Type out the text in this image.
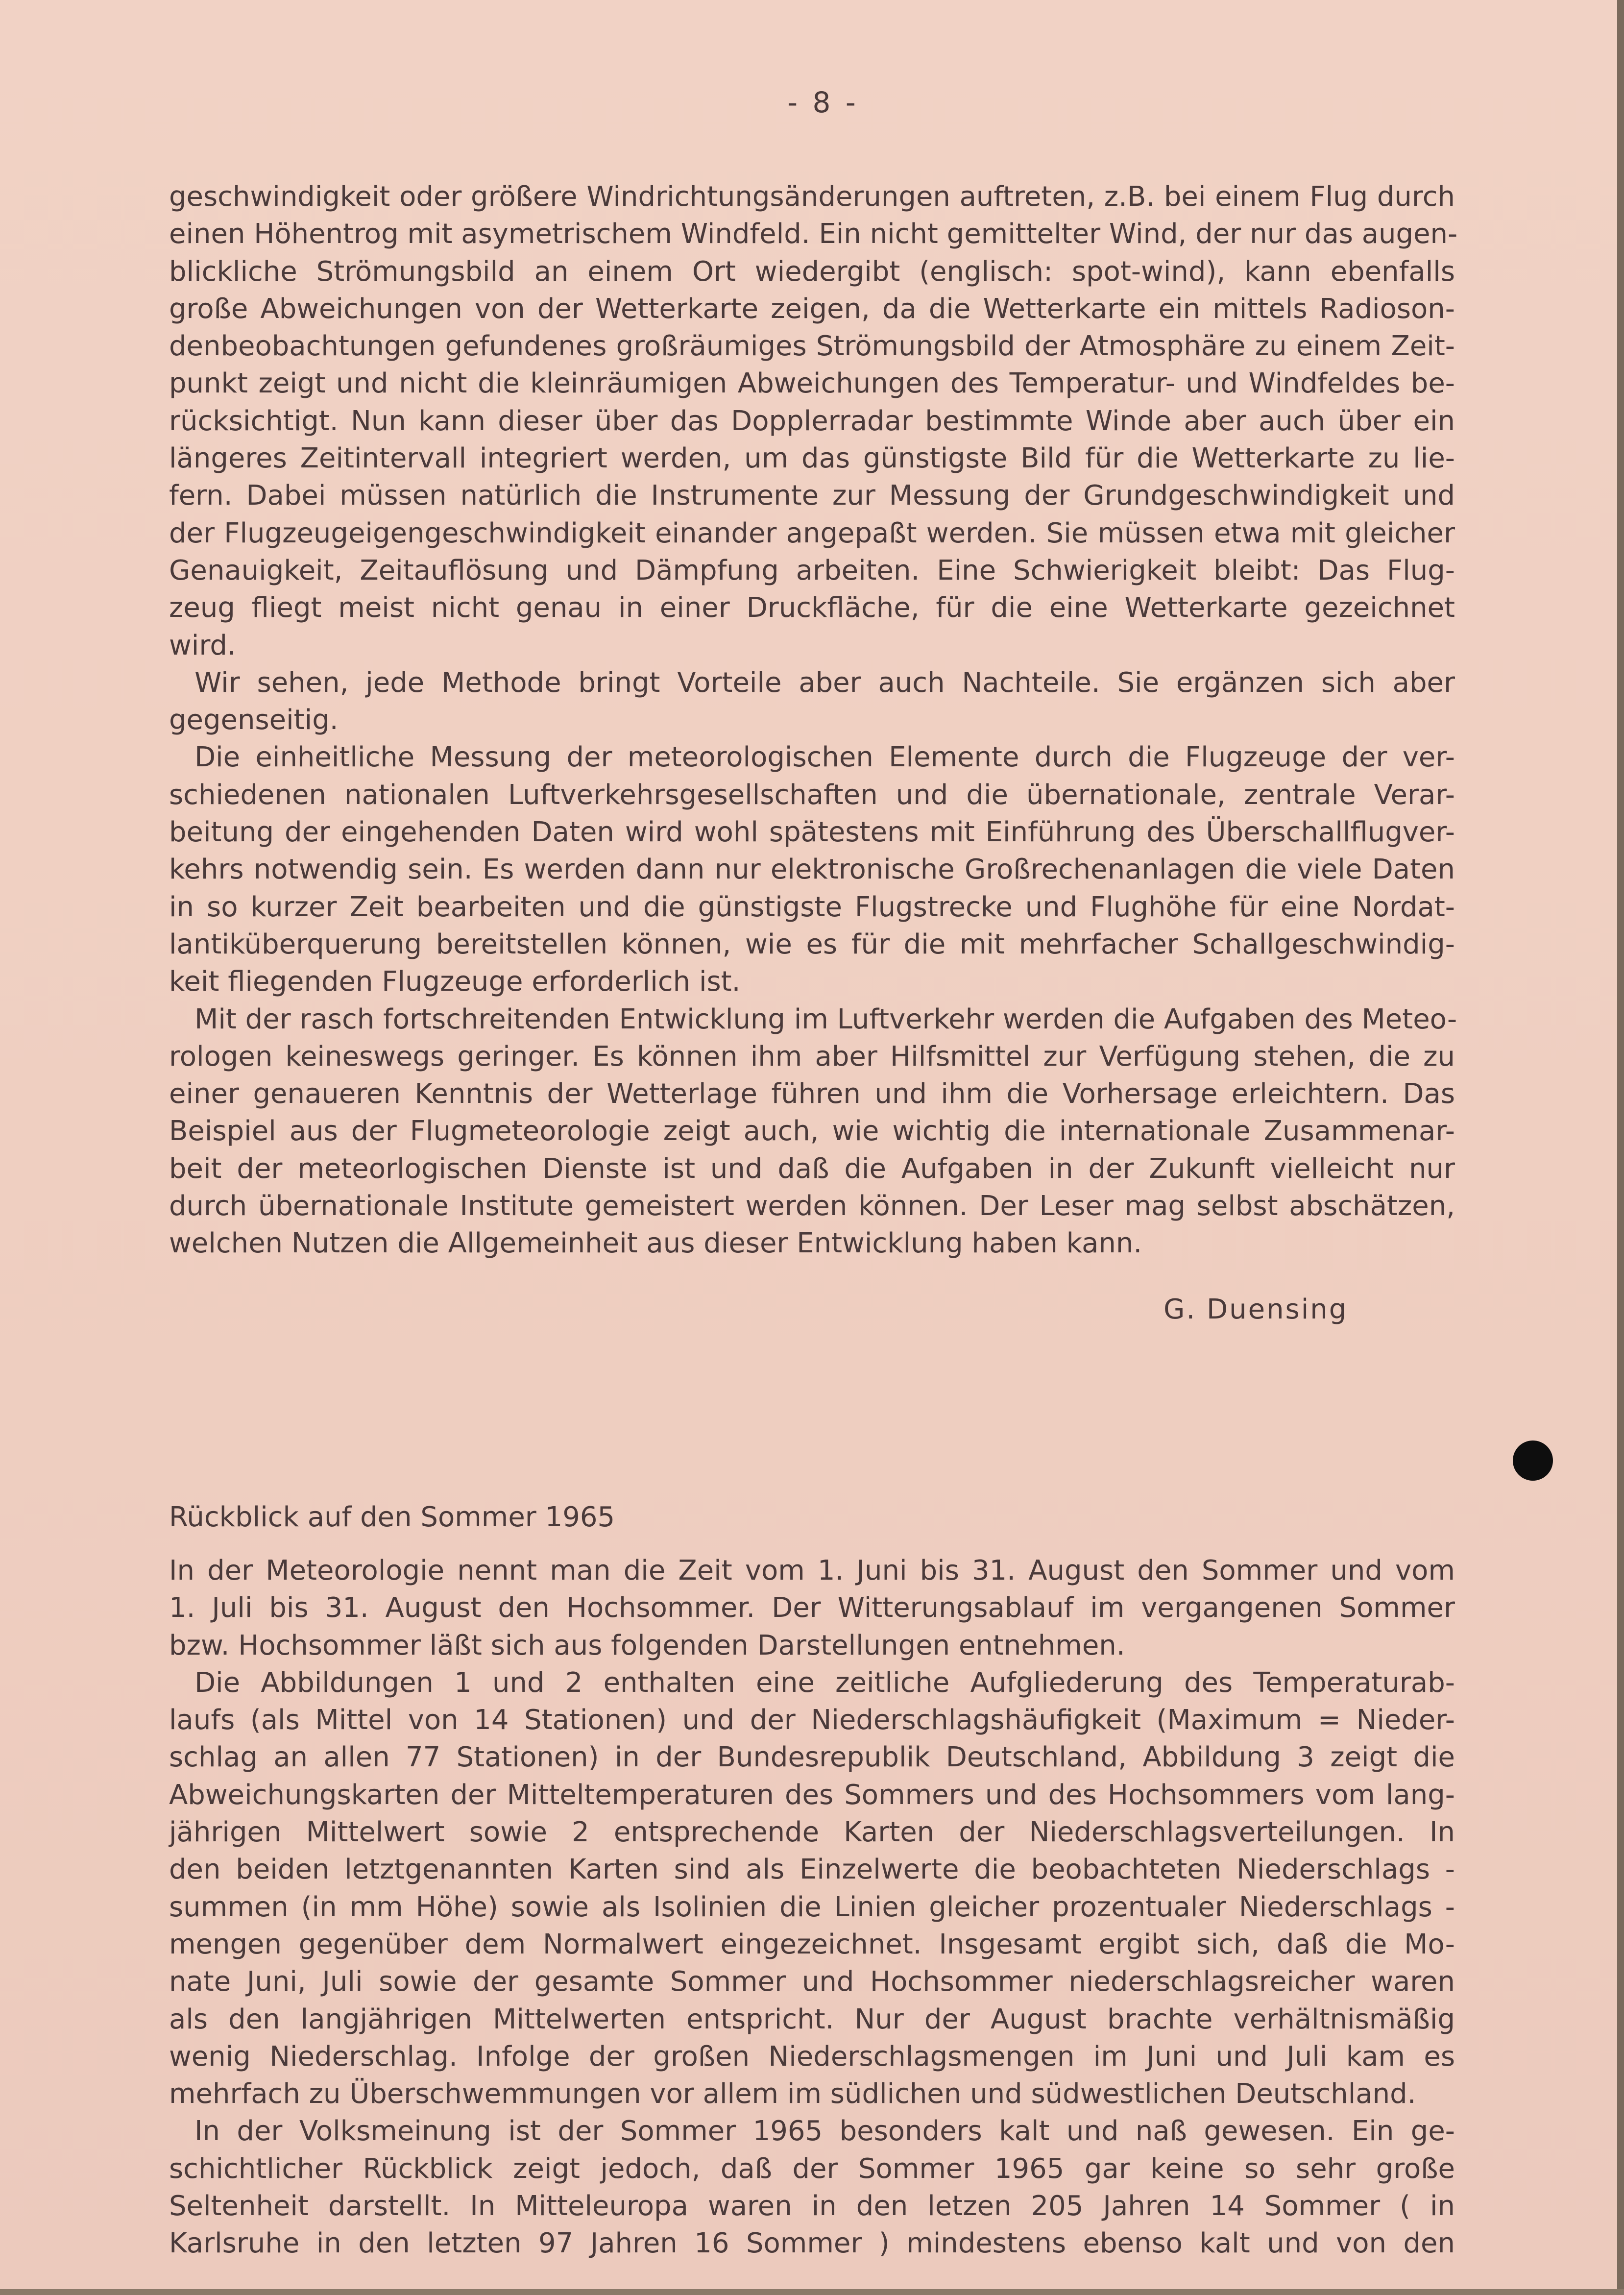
- 8 -
geschwindigkeit oder größere Windrichtungsänderungen auftreten, z.B. bei einem Flug durch
einen Höhentrog mit asymetrischem Windfeld. Ein nicht gemittelter Wind, der nur das augen-
blickliche Strömungsbild an einem Ort wiedergibt (englisch: spot-wind), kann ebenfalls
große Abweichungen von der Wetterkarte zeigen, da die Wetterkarte ein mittels Radioson-
denbeobachtungen gefundenes großräumiges Strömungsbild der Atmosphäre zu einem Zeit-
punkt zeigt und nicht die kleinräumigen Abweichungen des Temperatur- und Windfeldes be-
rücksichtigt. Nun kann dieser über das Dopplerradar bestimmte Winde aber auch über ein
längeres Zeitintervall integriert werden, um das günstigste Bild für die Wetterkarte zu lie-
fern. Dabei müssen natürlich die Instrumente zur Messung der Grundgeschwindigkeit und
der Flugzeugeigengeschwindigkeit einander angepaßt werden. Sie müssen etwa mit gleicher
Genauigkeit, Zeitauflösung und Dämpfung arbeiten. Eine Schwierigkeit bleibt: Das Flug-
zeug fliegt meist nicht genau in einer Druckfläche, für die eine Wetterkarte gezeichnet
wird.
Wir sehen, jede Methode bringt Vorteile aber auch Nachteile. Sie ergänzen sich aber
gegenseitig.
Die einheitliche Messung der meteorologischen Elemente durch die Flugzeuge der ver-
schiedenen nationalen Luftverkehrsgesellschaften und die übernationale, zentrale Verar-
beitung der eingehenden Daten wird wohl spätestens mit Einführung des Überschallflugver-
kehrs notwendig sein. Es werden dann nur elektronische Großrechenanlagen die viele Daten
in so kurzer Zeit bearbeiten und die günstigste Flugstrecke und Flughöhe für eine Nordat-
lantiküberquerung bereitstellen können, wie es für die mit mehrfacher Schallgeschwindig-
keit fliegenden Flugzeuge erforderlich ist.
Mit der rasch fortschreitenden Entwicklung im Luftverkehr werden die Aufgaben des Meteo-
rologen keineswegs geringer. Es können ihm aber Hilfsmittel zur Verfügung stehen, die zu
einer genaueren Kenntnis der Wetterlage führen und ihm die Vorhersage erleichtern. Das
Beispiel aus der Flugmeteorologie zeigt auch, wie wichtig die internationale Zusammenar-
beit der meteorlogischen Dienste ist und daß die Aufgaben in der Zukunft vielleicht nur
durch übernationale Institute gemeistert werden können. Der Leser mag selbst abschätzen,
welchen Nutzen die Allgemeinheit aus dieser Entwicklung haben kann.
G. Duensing
Rückblick auf den Sommer 1965
In der Meteorologie nennt man die Zeit vom 1. Juni bis 31. August den Sommer und vom
1. Juli bis 31. August den Hochsommer. Der Witterungsablauf im vergangenen Sommer
bzw. Hochsommer läßt sich aus folgenden Darstellungen entnehmen.
Die Abbildungen 1 und 2 enthalten eine zeitliche Aufgliederung des Temperaturab-
laufs (als Mittel von 14 Stationen) und der Niederschlagshäufigkeit (Maximum = Nieder-
schlag an allen 77 Stationen) in der Bundesrepublik Deutschland, Abbildung 3 zeigt die
Abweichungskarten der Mitteltemperaturen des Sommers und des Hochsommers vom lang-
jährigen Mittelwert sowie 2 entsprechende Karten der Niederschlagsverteilungen. In
den beiden letztgenannten Karten sind als Einzelwerte die beobachteten Niederschlags -
summen (in mm Höhe) sowie als Isolinien die Linien gleicher prozentualer Niederschlags -
mengen gegenüber dem Normalwert eingezeichnet. Insgesamt ergibt sich, daß die Mo-
nate Juni, Juli sowie der gesamte Sommer und Hochsommer niederschlagsreicher waren
als den langjährigen Mittelwerten entspricht. Nur der August brachte verhältnismäßig
wenig Niederschlag. Infolge der großen Niederschlagsmengen im Juni und Juli kam es
mehrfach zu Überschwemmungen vor allem im südlichen und südwestlichen Deutschland.
In der Volksmeinung ist der Sommer 1965 besonders kalt und naß gewesen. Ein ge-
schichtlicher Rückblick zeigt jedoch, daß der Sommer 1965 gar keine so sehr große
Seltenheit darstellt. In Mitteleuropa waren in den letzen 205 Jahren 14 Sommer ( in
Karlsruhe in den letzten 97 Jahren 16 Sommer ) mindestens ebenso kalt und von den
